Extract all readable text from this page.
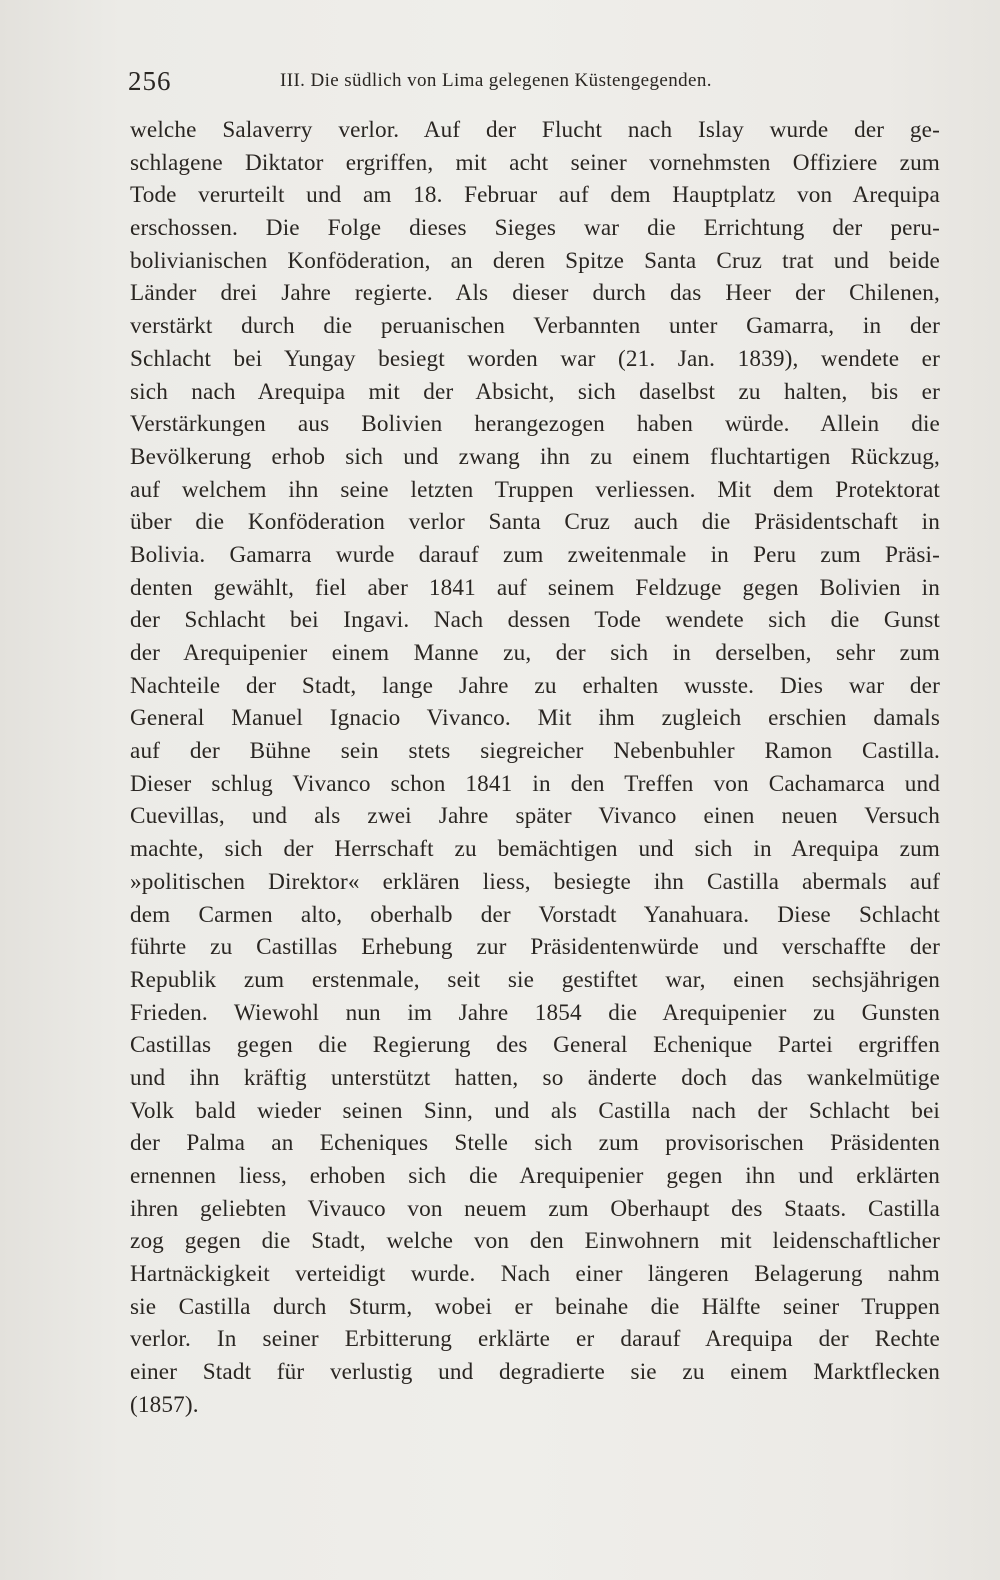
256	III. Die südlich von Lima gelegenen Küstengegenden.
welche Salaverry verlor. Auf der Flucht nach Islay wurde der ge-
schlagene Diktator ergriffen, mit acht seiner vornehmsten Offiziere zum
Tode verurteilt und am 18. Februar auf dem Hauptplatz von Arequipa
erschossen. Die Folge dieses Sieges war die Errichtung der peru-
bolivianischen Konföderation, an deren Spitze Santa Cruz trat und beide
Länder drei Jahre regierte. Als dieser durch das Heer der Chilenen,
verstärkt durch die peruanischen Verbannten unter Gamarra, in der
Schlacht bei Yungay besiegt worden war (21. Jan. 1839), wendete er
sich nach Arequipa mit der Absicht, sich daselbst zu halten, bis er
Verstärkungen aus Bolivien herangezogen haben würde. Allein die
Bevölkerung erhob sich und zwang ihn zu einem fluchtartigen Rückzug,
auf welchem ihn seine letzten Truppen verliessen. Mit dem Protektorat
über die Konföderation verlor Santa Cruz auch die Präsidentschaft in
Bolivia. Gamarra wurde darauf zum zweitenmale in Peru zum Präsi-
denten gewählt, fiel aber 1841 auf seinem Feldzuge gegen Bolivien in
der Schlacht bei Ingavi. Nach dessen Tode wendete sich die Gunst
der Arequipenier einem Manne zu, der sich in derselben, sehr zum
Nachteile der Stadt, lange Jahre zu erhalten wusste. Dies war der
General Manuel Ignacio Vivanco. Mit ihm zugleich erschien damals
auf der Bühne sein stets siegreicher Nebenbuhler Ramon Castilla.
Dieser schlug Vivanco schon 1841 in den Treffen von Cachamarca und
Cuevillas, und als zwei Jahre später Vivanco einen neuen Versuch
machte, sich der Herrschaft zu bemächtigen und sich in Arequipa zum
»politischen Direktor« erklären liess, besiegte ihn Castilla abermals auf
dem Carmen alto, oberhalb der Vorstadt Yanahuara. Diese Schlacht
führte zu Castillas Erhebung zur Präsidentenwürde und verschaffte der
Republik zum erstenmale, seit sie gestiftet war, einen sechsjährigen
Frieden. Wiewohl nun im Jahre 1854 die Arequipenier zu Gunsten
Castillas gegen die Regierung des General Echenique Partei ergriffen
und ihn kräftig unterstützt hatten, so änderte doch das wankelmütige
Volk bald wieder seinen Sinn, und als Castilla nach der Schlacht bei
der Palma an Echeniques Stelle sich zum provisorischen Präsidenten
ernennen liess, erhoben sich die Arequipenier gegen ihn und erklärten
ihren geliebten Vivauco von neuem zum Oberhaupt des Staats. Castilla
zog gegen die Stadt, welche von den Einwohnern mit leidenschaftlicher
Hartnäckigkeit verteidigt wurde. Nach einer längeren Belagerung nahm
sie Castilla durch Sturm, wobei er beinahe die Hälfte seiner Truppen
verlor. In seiner Erbitterung erklärte er darauf Arequipa der Rechte
einer Stadt für verlustig und degradierte sie zu einem Marktflecken
(1857).
